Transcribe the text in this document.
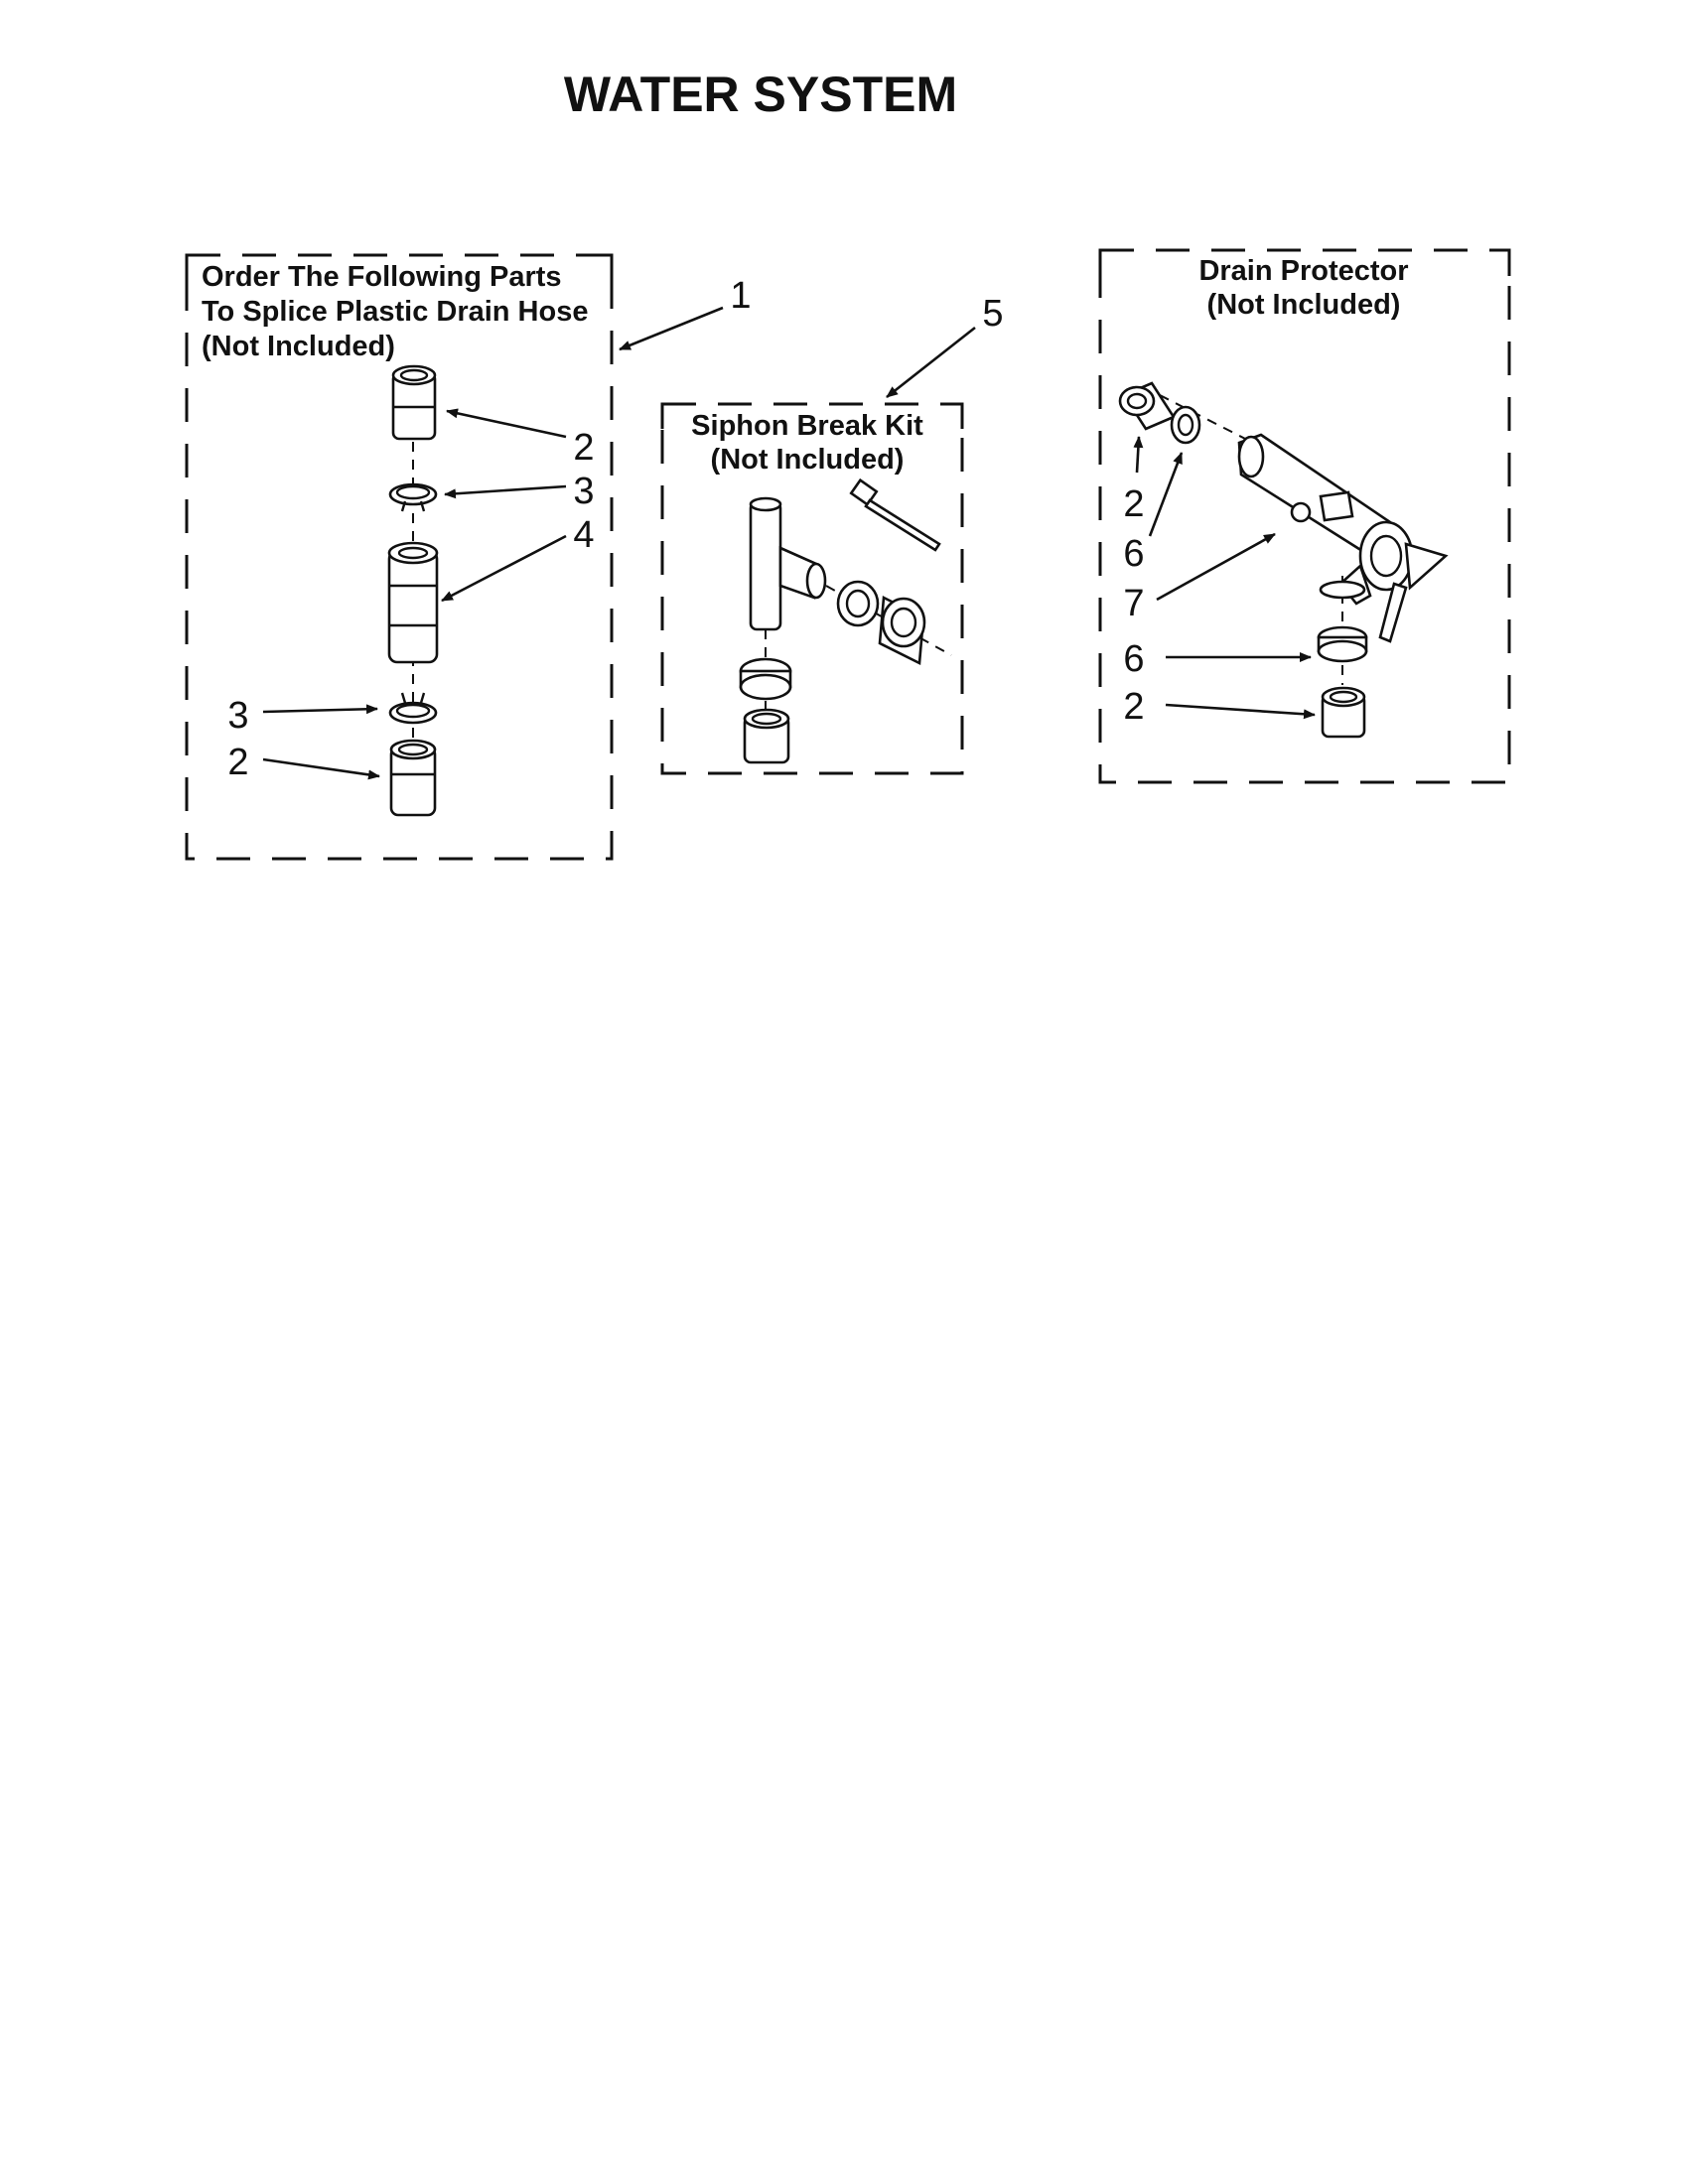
WATER SYSTEM
Order The Following Parts
To Splice Plastic Drain Hose
(Not Included)
1
2
3
4
3
2
Siphon Break Kit
(Not Included)
5
Drain Protector
(Not Included)
2
6
7
6
2
